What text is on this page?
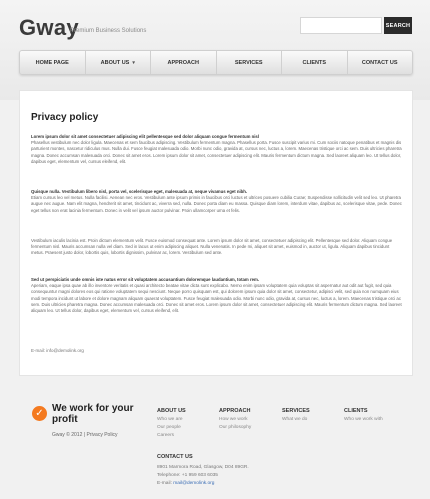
Gway
Premium Business Solutions
SEARCH
HOME PAGE	ABOUT US ▾	APPROACH	SERVICES	CLIENTS	CONTACT US
Privacy policy

Lorem ipsum dolor sit amet consectetuer adipiscing elit pellentesque sed dolor aliquam congue fermentum nisl
Phasellus vestibulum nec dolor ligula. Maecenas et sem faucibus adipiscing. Vestibulum fermentum magna. Phasellus porta. Fusce suscipit varius mi. Cum sociis natoque penatibus et magnis dis parturient montes, nascetur ridiculus mus. Nulla dui. Fusce feugiat malesuada odio. Morbi nunc odio, gravida at, cursus nec, luctus a, lorem. Maecenas tristique orci ac sem. Duis ultricies pharetra magna. Donec accumsan malesuada orci. Donec sit amet eros. Lorem ipsum dolor sit amet, consectetuer adipiscing elit. Mauris fermentum dictum magna. Sed laoreet aliquam leo. Ut tellus dolor, dapibus eget, elementum vel, cursus eleifend, elit.

Quisque nulla. Vestibulum libero nisl, porta vel, scelerisque eget, malesuada at, neque vivamus eget nibh.
Etiam cursus leo vel metus. Nulla facilisi. Aenean nec eros. Vestibulum ante ipsum primis in faucibus orci luctus et ultrices posuere cubilia Curae; Suspendisse sollicitudin velit sed leo. Ut pharetra augue nec augue. Nam elit magna, hendrerit sit amet, tincidunt ac, viverra sed, nulla. Donec porta diam eu massa. Quisque diam lorem, interdum vitae, dapibus ac, scelerisque vitae, pede. Donec eget tellus non erat lacinia fermentum. Donec in velit vel ipsum auctor pulvinar. Proin ullamcorper urna et felis.

Vestibulum iaculis lacinia est. Proin dictum elementum velit. Fusce euismod consequat ante. Lorem ipsum dolor sit amet, consectetuer adipiscing elit. Pellentesque sed dolor. Aliquam congue fermentum nisl. Mauris accumsan nulla vel diam. Sed in lacus ut enim adipiscing aliquet. Nulla venenatis. In pede mi, aliquet sit amet, euismod in, auctor ut, ligula. Aliquam dapibus tincidunt metus. Praesent justo dolor, lobortis quis, lobortis dignissim, pulvinar ac, lorem. Vestibulum sed ante.

Sed ut perspiciatis unde omnis iste natus error sit voluptatem accusantium doloremque laudantium, totam rem.
Aperiam, eaque ipsa quae ab illo inventore veritatis et quasi architecto beatae vitae dicta sunt explicabo. Nemo enim ipsam voluptatem quia voluptas sit aspernatur aut odit aut fugit, sed quia consequuntur magni dolores eos qui ratione voluptatem sequi nesciunt. Neque porro quisquam est, qui dolorem ipsum quia dolor sit amet, consectetur, adipisci velit, sed quia non numquam eius modi tempora incidunt ut labore et dolore magnam aliquam quaerat voluptatem. Fusce feugiat malesuada odio. Morbi nunc odio, gravida at, cursus nec, luctus a, lorem. Maecenas tristique orci ac sem. Duis ultricies pharetra magna. Donec accumsan malesuada orci. Donec sit amet eros. Lorem ipsum dolor sit amet, consectetuer adipiscing elit. Mauris fermentum dictum magna. Sed laoreet aliquam leo. Ut tellus dolor, dapibus eget, elementum vel, cursus eleifend, elit.

E-mail: info@demolink.org
✓ We work for your profit
Gway © 2012 | Privacy Policy
ABOUT US
Who we are
Our people
Careers
APPROACH
How we work
Our philosophy
SERVICES
What we do
CLIENTS
Who we work with
CONTACT US
8901 Marmora Road, Glasgow, D04 89GR.
Telephone: +1 959 603 6035
E-mail: mail@demolink.org
